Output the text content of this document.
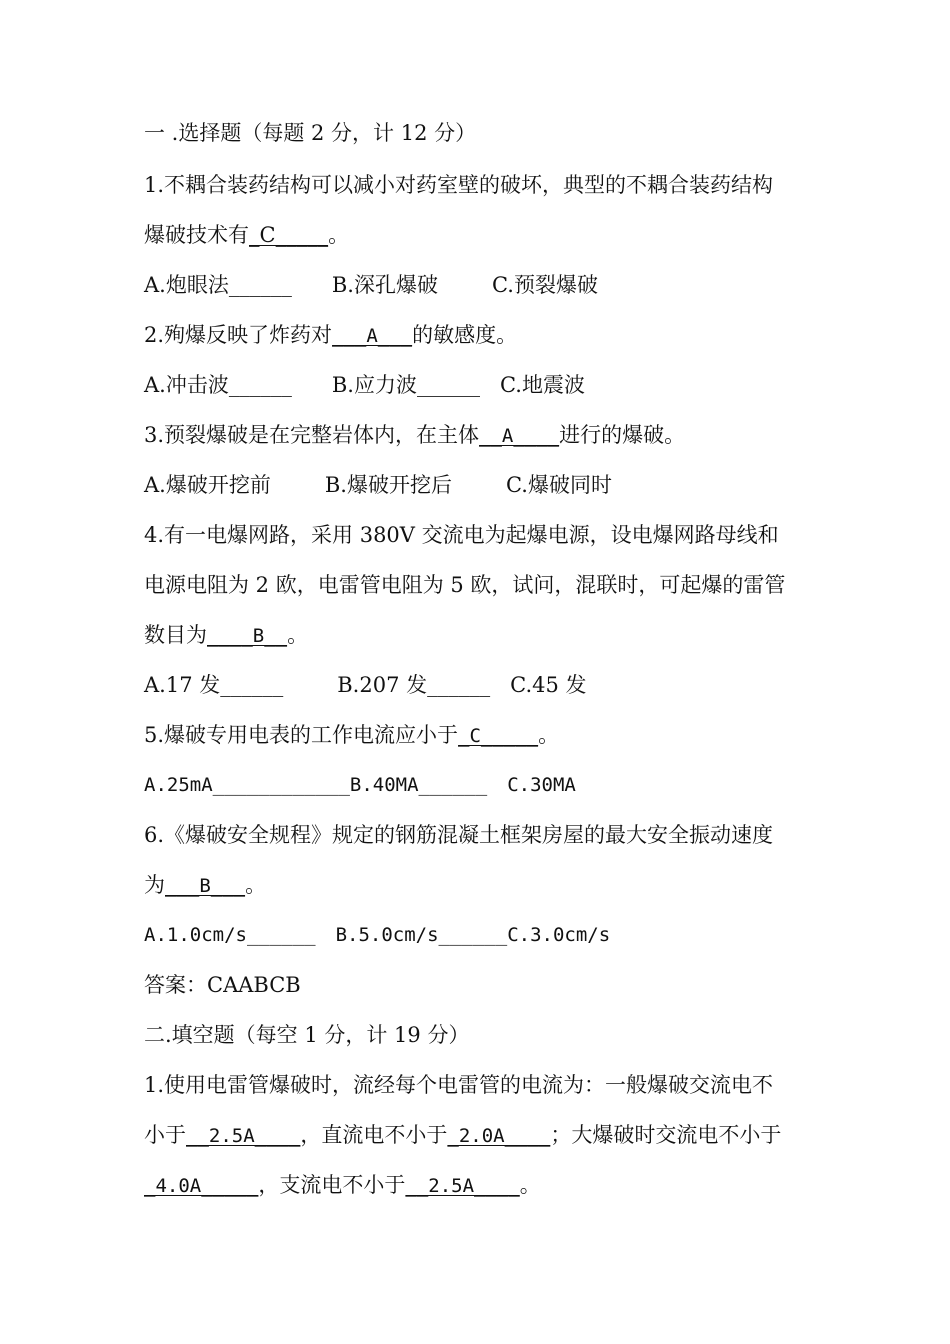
一 .选择题（每题 2 分，计 12 分）
1.不耦合装药结构可以减小对药室壁的破坏，典型的不耦合装药结构
爆破技术有_C_____。
A.炮眼法______ B.深孔爆破	C.预裂爆破
2.殉爆反映了炸药对___A___的敏感度。
A.冲击波______ B.应力波______ C.地震波
3.预裂爆破是在完整岩体内，在主体__A____进行的爆破。
A.爆破开挖前	B.爆破开挖后	C.爆破同时
4.有一电爆网路，采用 380V 交流电为起爆电源，设电爆网路母线和
电源电阻为 2 欧，电雷管电阻为 5 欧，试问，混联时，可起爆的雷管
数目为____B__。
A.17 发______	B.207 发______ C.45 发
5.爆破专用电表的工作电流应小于_C_____。
A.25mA____________B.40MA______ C.30MA
6.《爆破安全规程》规定的钢筋混凝土框架房屋的最大安全振动速度
为___B___。
A.1.0cm/s______ B.5.0cm/s______C.3.0cm/s
答案：CAABCB
二.填空题（每空 1 分，计 19 分）
1.使用电雷管爆破时，流经每个电雷管的电流为：一般爆破交流电不
小于__2.5A____，直流电不小于_2.0A____；大爆破时交流电不小于
_4.0A_____，支流电不小于__2.5A____。
